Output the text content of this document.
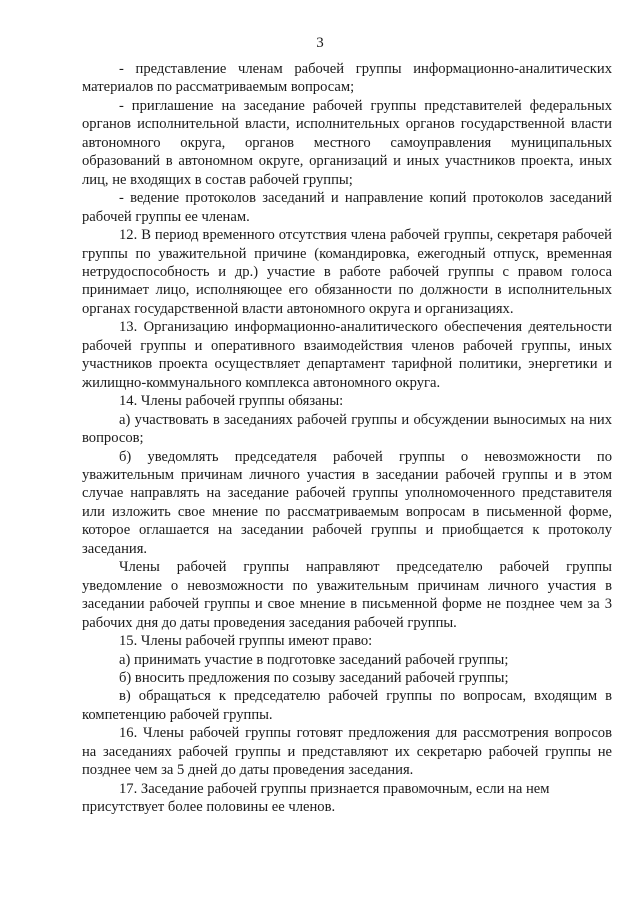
3

- представление членам рабочей группы информационно-аналитических материалов по рассматриваемым вопросам;

- приглашение на заседание рабочей группы представителей федеральных органов исполнительной власти, исполнительных органов государственной власти автономного округа, органов местного самоуправления муниципальных образований в автономном округе, организаций и иных участников проекта, иных лиц, не входящих в состав рабочей группы;

- ведение протоколов заседаний и направление копий протоколов заседаний рабочей группы ее членам.

12. В период временного отсутствия члена рабочей группы, секретаря рабочей группы по уважительной причине (командировка, ежегодный отпуск, временная нетрудоспособность и др.) участие в работе рабочей группы с правом голоса принимает лицо, исполняющее его обязанности по должности в исполнительных органах государственной власти автономного округа и организациях.

13. Организацию информационно-аналитического обеспечения деятельности рабочей группы и оперативного взаимодействия членов рабочей группы, иных участников проекта осуществляет департамент тарифной политики, энергетики и жилищно-коммунального комплекса автономного округа.

14. Члены рабочей группы обязаны:

а) участвовать в заседаниях рабочей группы и обсуждении выносимых на них вопросов;

б) уведомлять председателя рабочей группы о невозможности по уважительным причинам личного участия в заседании рабочей группы и в этом случае направлять на заседание рабочей группы уполномоченного представителя или изложить свое мнение по рассматриваемым вопросам в письменной форме, которое оглашается на заседании рабочей группы и приобщается к протоколу заседания.

Члены рабочей группы направляют председателю рабочей группы уведомление о невозможности по уважительным причинам личного участия в заседании рабочей группы и свое мнение в письменной форме не позднее чем за 3 рабочих дня до даты проведения заседания рабочей группы.

15. Члены рабочей группы имеют право:

а) принимать участие в подготовке заседаний рабочей группы;

б) вносить предложения по созыву заседаний рабочей группы;

в) обращаться к председателю рабочей группы по вопросам, входящим в компетенцию рабочей группы.

16. Члены рабочей группы готовят предложения для рассмотрения вопросов на заседаниях рабочей группы и представляют их секретарю рабочей группы не позднее чем за 5 дней до даты проведения заседания.

17. Заседание рабочей группы признается правомочным, если на нем присутствует более половины ее членов.
